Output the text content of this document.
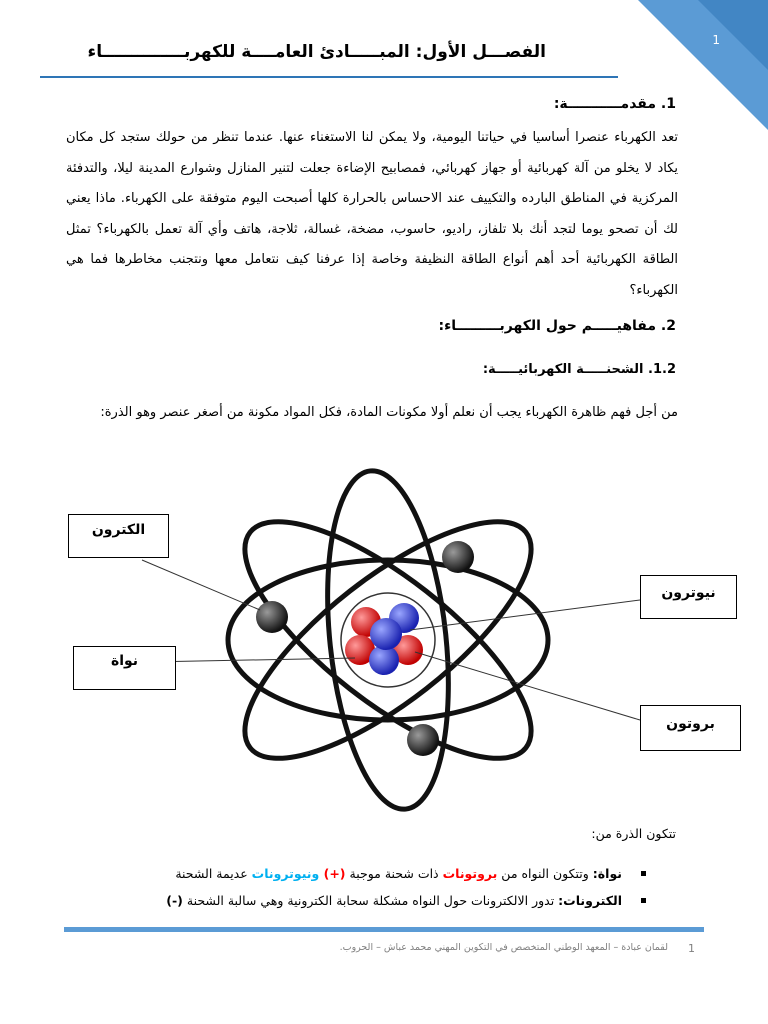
1
الفصـــل الأول: المبـــــادئ العامــــة للكهربــــــــــــــاء
1. مقدمـــــــــــة:
تعد الكهرباء عنصرا أساسيا في حياتنا اليومية، ولا يمكن لنا الاستغناء عنها. عندما تنظر من حولك ستجد كل مكان يكاد لا يخلو من آلة كهربائية أو جهاز كهربائي، فمصابيح الإضاءة جعلت لتنير المنازل وشوارع المدينة ليلا، والتدفئة المركزية في المناطق البارده والتكييف عند الاحساس بالحرارة كلها أصبحت اليوم متوفقة على الكهرباء. ماذا يعني لك أن تصحو يوما لتجد أنك بلا تلفاز، راديو، حاسوب، مضخة، غسالة، ثلاجة، هاتف وأي آلة تعمل بالكهرباء؟ تمثل الطاقة الكهربائية أحد أهم أنواع الطاقة النظيفة وخاصة إذا عرفنا كيف نتعامل معها ونتجنب مخاطرها فما هي الكهرباء؟
2. مفاهيـــــم حول الكهربـــــــــاء:
1.2. الشحنـــــة الكهربائيـــــة:
من أجل فهم ظاهرة الكهرباء يجب أن نعلم أولا مكونات المادة، فكل المواد مكونة من أصغر عنصر وهو الذرة:
الكترون
نواة
نيوترون
بروتون
تتكون الذرة من:
نواة: وتتكون النواه من بروتونات ذات شحنة موجبة (+) ونيوترونات عديمة الشحنة
الكترونات: تدور الالكترونات حول النواه مشكلة سحابة الكترونية وهي سالبة الشحنة (-)
لقمان عبادة – المعهد الوطني المتخصص في التكوين المهني محمد عباش – الحروب. 1
